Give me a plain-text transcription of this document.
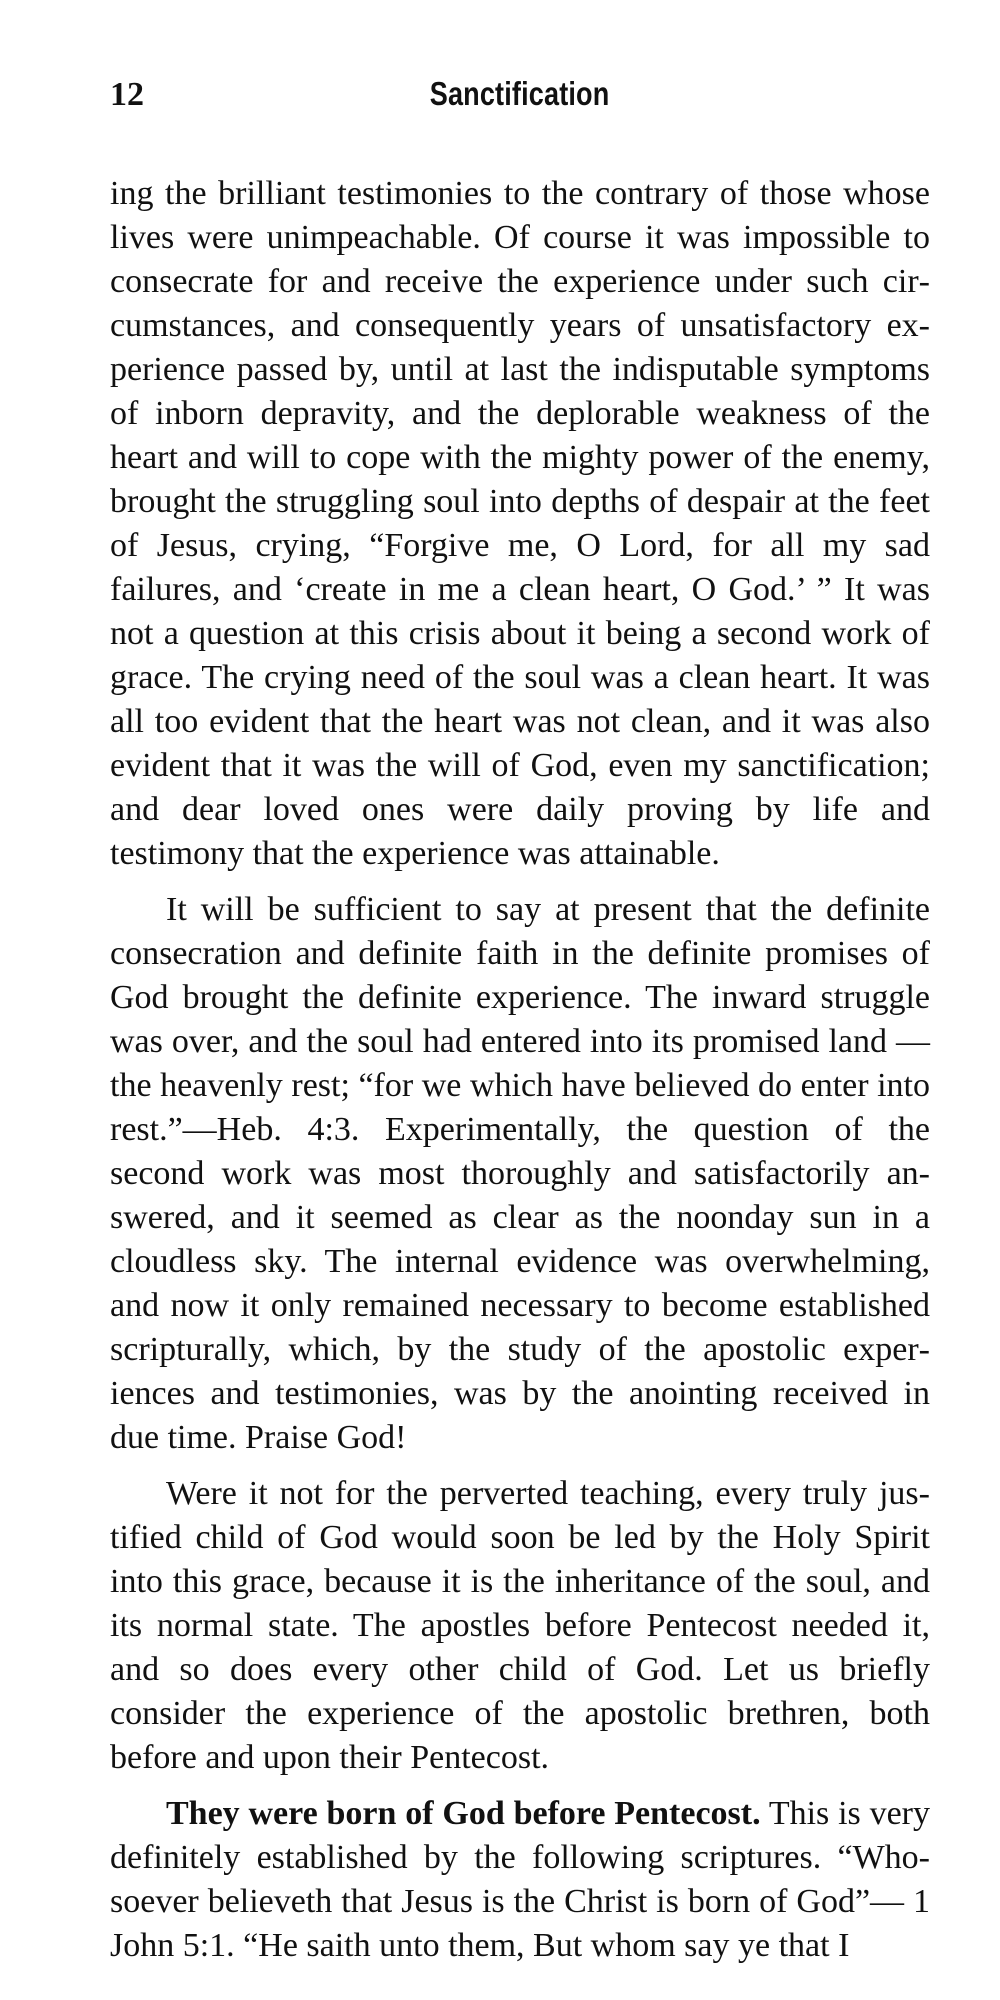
12	Sanctification

ing the brilliant testimonies to the contrary of those whose lives were unimpeachable. Of course it was impossible to consecrate for and receive the experience under such circumstances, and consequently years of unsatisfactory experience passed by, until at last the indisputable symptoms of inborn depravity, and the deplorable weakness of the heart and will to cope with the mighty power of the enemy, brought the struggling soul into depths of despair at the feet of Jesus, crying, “Forgive me, O Lord, for all my sad failures, and ‘create in me a clean heart, O God.’ ” It was not a question at this crisis about it being a second work of grace. The crying need of the soul was a clean heart. It was all too evident that the heart was not clean, and it was also evident that it was the will of God, even my sanctification; and dear loved ones were daily proving by life and testimony that the experience was attainable.

It will be sufficient to say at present that the definite consecration and definite faith in the definite promises of God brought the definite experience. The inward struggle was over, and the soul had entered into its promised land —the heavenly rest; “for we which have believed do enter into rest.”—Heb. 4:3. Experimentally, the question of the second work was most thoroughly and satisfactorily answered, and it seemed as clear as the noonday sun in a cloudless sky. The internal evidence was overwhelming, and now it only remained necessary to become established scripturally, which, by the study of the apostolic experiences and testimonies, was by the anointing received in due time. Praise God!

Were it not for the perverted teaching, every truly justified child of God would soon be led by the Holy Spirit into this grace, because it is the inheritance of the soul, and its normal state. The apostles before Pentecost needed it, and so does every other child of God. Let us briefly consider the experience of the apostolic brethren, both before and upon their Pentecost.

They were born of God before Pentecost. This is very definitely established by the following scriptures. “Whosoever believeth that Jesus is the Christ is born of God”— 1 John 5:1. “He saith unto them, But whom say ye that I
